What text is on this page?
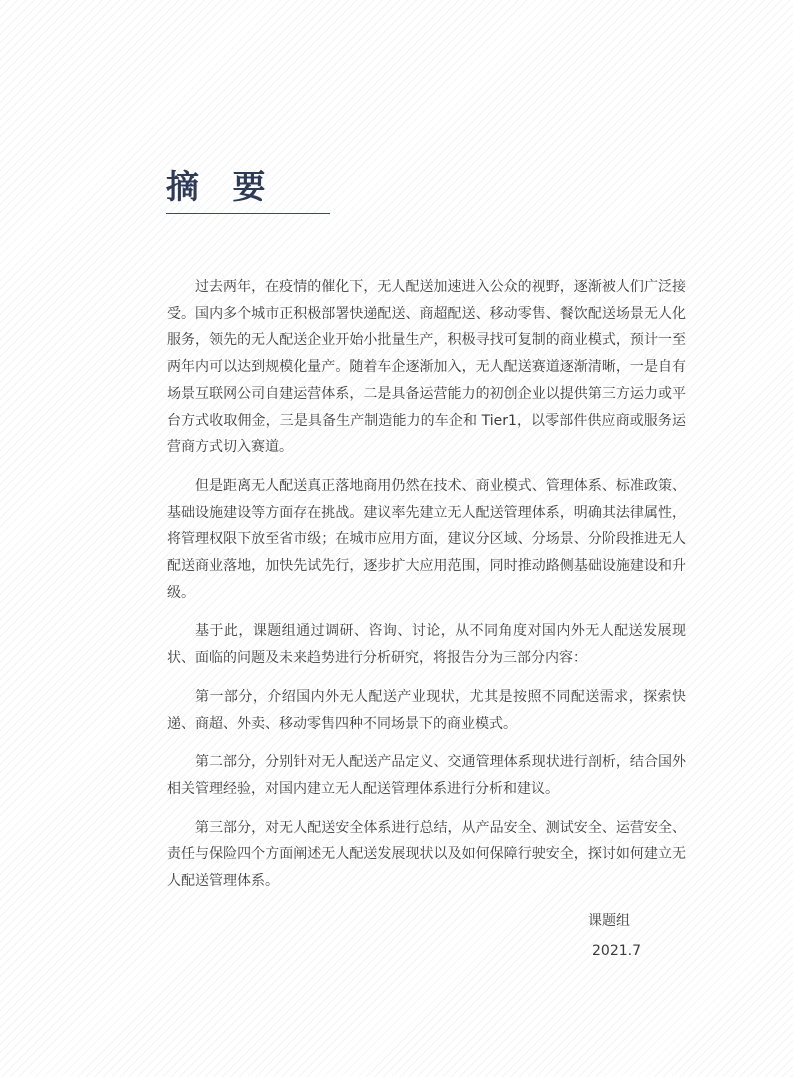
摘 要

过去两年，在疫情的催化下，无人配送加速进入公众的视野，逐渐被人们广泛接受。国内多个城市正积极部署快递配送、商超配送、移动零售、餐饮配送场景无人化服务，领先的无人配送企业开始小批量生产，积极寻找可复制的商业模式，预计一至两年内可以达到规模化量产。随着车企逐渐加入，无人配送赛道逐渐清晰，一是自有场景互联网公司自建运营体系，二是具备运营能力的初创企业以提供第三方运力或平台方式收取佣金，三是具备生产制造能力的车企和 Tier1，以零部件供应商或服务运营商方式切入赛道。

但是距离无人配送真正落地商用仍然在技术、商业模式、管理体系、标准政策、基础设施建设等方面存在挑战。建议率先建立无人配送管理体系，明确其法律属性，将管理权限下放至省市级；在城市应用方面，建议分区域、分场景、分阶段推进无人配送商业落地，加快先试先行，逐步扩大应用范围，同时推动路侧基础设施建设和升级。

基于此，课题组通过调研、咨询、讨论，从不同角度对国内外无人配送发展现状、面临的问题及未来趋势进行分析研究，将报告分为三部分内容：

第一部分，介绍国内外无人配送产业现状，尤其是按照不同配送需求，探索快递、商超、外卖、移动零售四种不同场景下的商业模式。

第二部分，分别针对无人配送产品定义、交通管理体系现状进行剖析，结合国外相关管理经验，对国内建立无人配送管理体系进行分析和建议。

第三部分，对无人配送安全体系进行总结，从产品安全、测试安全、运营安全、责任与保险四个方面阐述无人配送发展现状以及如何保障行驶安全，探讨如何建立无人配送管理体系。

课题组
2021.7
